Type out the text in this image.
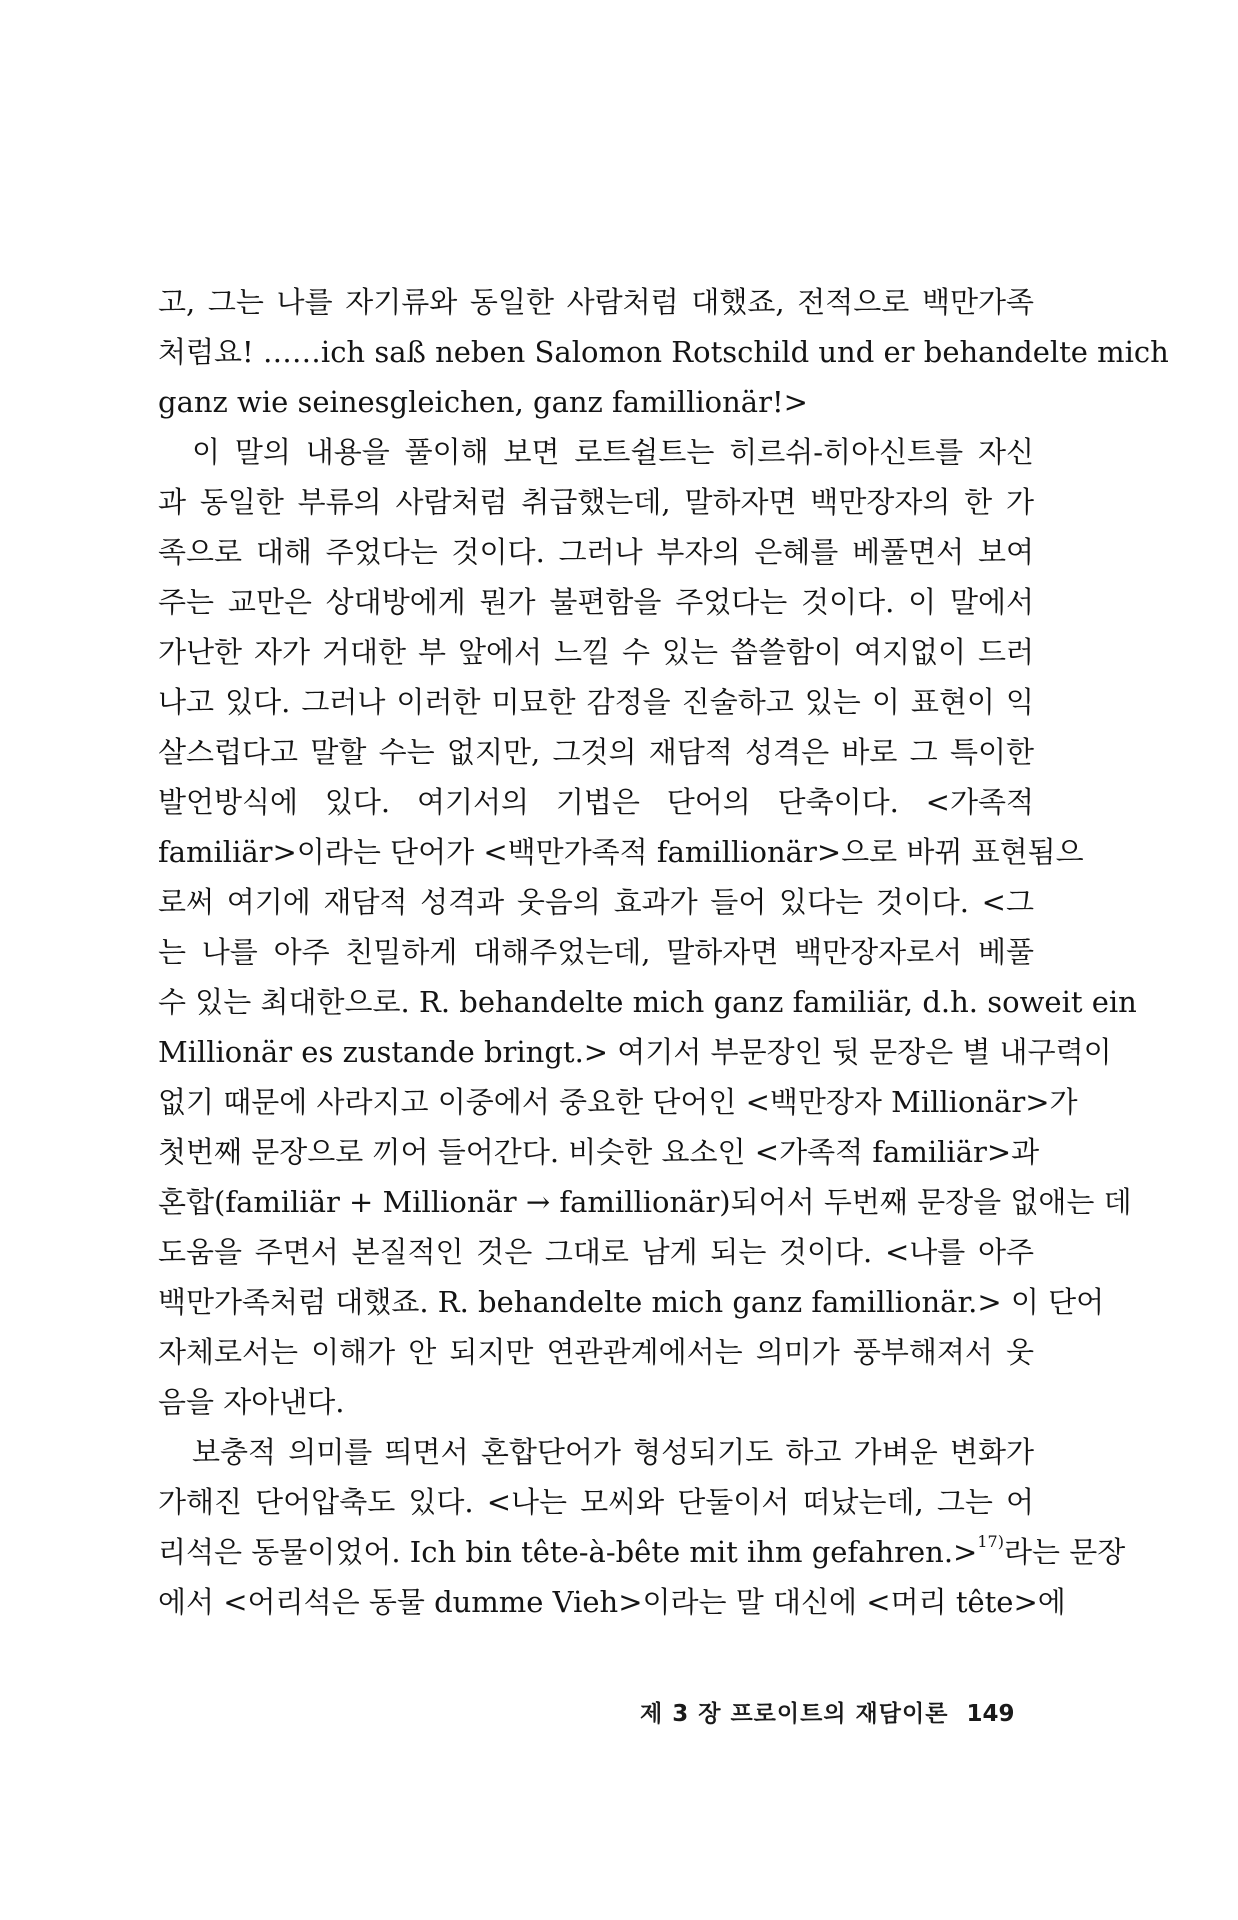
고, 그는 나를 자기류와 동일한 사람처럼 대했죠, 전적으로 백만가족
처럼요! ……ich saß neben Salomon Rotschild und er behandelte mich
ganz wie seinesgleichen, ganz famillionär!>
이 말의 내용을 풀이해 보면 로트쉴트는 히르쉬-히아신트를 자신
과 동일한 부류의 사람처럼 취급했는데, 말하자면 백만장자의 한 가
족으로 대해 주었다는 것이다. 그러나 부자의 은혜를 베풀면서 보여
주는 교만은 상대방에게 뭔가 불편함을 주었다는 것이다. 이 말에서
가난한 자가 거대한 부 앞에서 느낄 수 있는 씁쓸함이 여지없이 드러
나고 있다. 그러나 이러한 미묘한 감정을 진술하고 있는 이 표현이 익
살스럽다고 말할 수는 없지만, 그것의 재담적 성격은 바로 그 특이한
발언방식에 있다. 여기서의 기법은 단어의 단축이다. <가족적
familiär>이라는 단어가 <백만가족적 famillionär>으로 바뀌 표현됨으
로써 여기에 재담적 성격과 웃음의 효과가 들어 있다는 것이다. <그
는 나를 아주 친밀하게 대해주었는데, 말하자면 백만장자로서 베풀
수 있는 최대한으로. R. behandelte mich ganz familiär, d.h. soweit ein
Millionär es zustande bringt.> 여기서 부문장인 뒷 문장은 별 내구력이
없기 때문에 사라지고 이중에서 중요한 단어인 <백만장자 Millionär>가
첫번째 문장으로 끼어 들어간다. 비슷한 요소인 <가족적 familiär>과
혼합(familiär + Millionär → famillionär)되어서 두번째 문장을 없애는 데
도움을 주면서 본질적인 것은 그대로 남게 되는 것이다. <나를 아주
백만가족처럼 대했죠. R. behandelte mich ganz famillionär.> 이 단어
자체로서는 이해가 안 되지만 연관관계에서는 의미가 풍부해져서 웃
음을 자아낸다.
보충적 의미를 띄면서 혼합단어가 형성되기도 하고 가벼운 변화가
가해진 단어압축도 있다. <나는 모씨와 단둘이서 떠났는데, 그는 어
리석은 동물이었어. Ich bin tête-à-bête mit ihm gefahren.>$^{17)}$라는 문장
에서 <어리석은 동물 dumme Vieh>이라는 말 대신에 <머리 tête>에
제 3 장 프로이트의 재담이론 149
